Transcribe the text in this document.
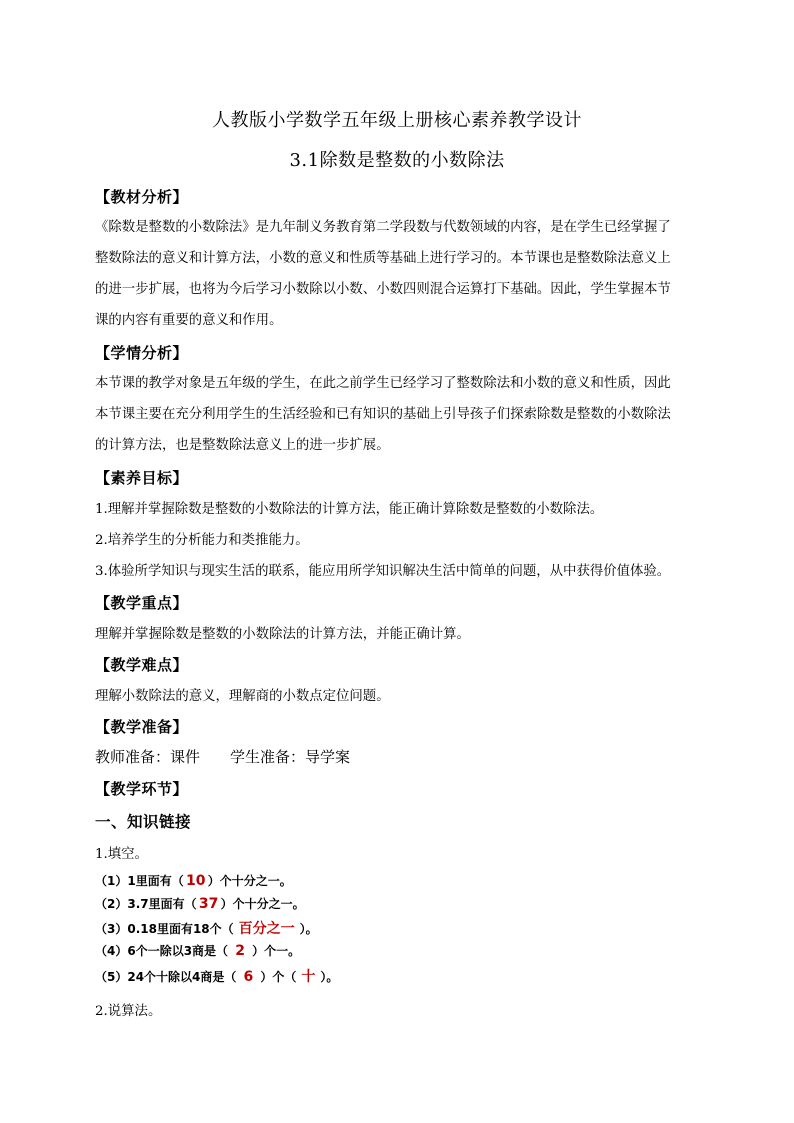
人教版小学数学五年级上册核心素养教学设计
3.1除数是整数的小数除法
【教材分析】

《除数是整数的小数除法》是九年制义务教育第二学段数与代数领域的内容，是在学生已经掌握了

整数除法的意义和计算方法，小数的意义和性质等基础上进行学习的。本节课也是整数除法意义上

的进一步扩展，也将为今后学习小数除以小数、小数四则混合运算打下基础。因此，学生掌握本节

课的内容有重要的意义和作用。

【学情分析】

本节课的教学对象是五年级的学生，在此之前学生已经学习了整数除法和小数的意义和性质，因此

本节课主要在充分利用学生的生活经验和已有知识的基础上引导孩子们探索除数是整数的小数除法

的计算方法，也是整数除法意义上的进一步扩展。

【素养目标】
1.理解并掌握除数是整数的小数除法的计算方法，能正确计算除数是整数的小数除法。
2.培养学生的分析能力和类推能力。
3.体验所学知识与现实生活的联系，能应用所学知识解决生活中简单的问题，从中获得价值体验。
【教学重点】
理解并掌握除数是整数的小数除法的计算方法，并能正确计算。
【教学难点】
理解小数除法的意义，理解商的小数点定位问题。
【教学准备】
教师准备：课件 学生准备：导学案
【教学环节】
一、知识链接
1.填空。
（1）1里面有（ 10 ）个十分之一。
（2）3.7里面有（ 37 ）个十分之一。
（3）0.18里面有18个（ 百分之一 ）。
（4）6个一除以3商是（ 2 ）个一。
（5）24个十除以4商是（ 6 ）个（ 十 ）。
2.说算法。
